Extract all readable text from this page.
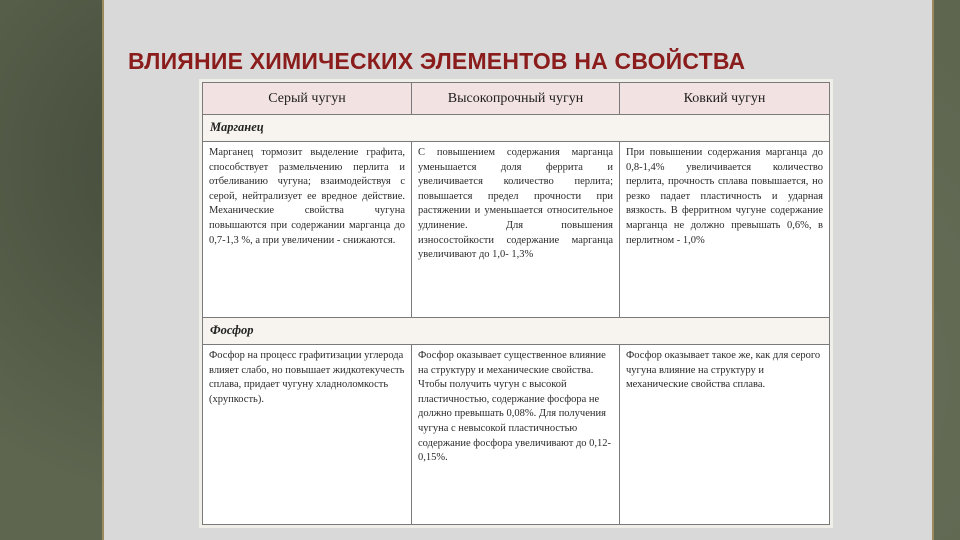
ВЛИЯНИЕ ХИМИЧЕСКИХ ЭЛЕМЕНТОВ НА СВОЙСТВА
Серый чугун	Высокопрочный чугун	Ковкий чугун
Марганец
Марганец тормозит выделение графита, способствует размельчению перлита и отбеливанию чугуна; взаимодействуя с серой, нейтрализует ее вредное действие. Механические свойства чугуна повышаются при содержании марганца до 0,7-1,3 %, а при увеличении - снижаются.
С повышением содержания марганца уменьшается доля феррита и увеличивается количество перлита; повышается предел прочности при растяжении и уменьшается относительное удлинение. Для повышения износостойкости содержание марганца увеличивают до 1,0- 1,3%
При повышении содержания марганца до 0,8-1,4% увеличивается количество перлита, прочность сплава повышается, но резко падает пластичность и ударная вязкость. В ферритном чугуне содержание марганца не должно превышать 0,6%, в перлитном - 1,0%
Фосфор
Фосфор на процесс графитизации углерода влияет слабо, но повышает жидкотекучесть сплава, придает чугуну хладноломкость (хрупкость).
Фосфор оказывает существенное влияние на структуру и механические свойства. Чтобы получить чугун с высокой пластичностью, содержание фосфора не должно превышать 0,08%. Для получения чугуна с невысокой пластичностью содержание фосфора увеличивают до 0,12-0,15%.
Фосфор оказывает такое же, как для серого чугуна влияние на структуру и механические свойства сплава.
